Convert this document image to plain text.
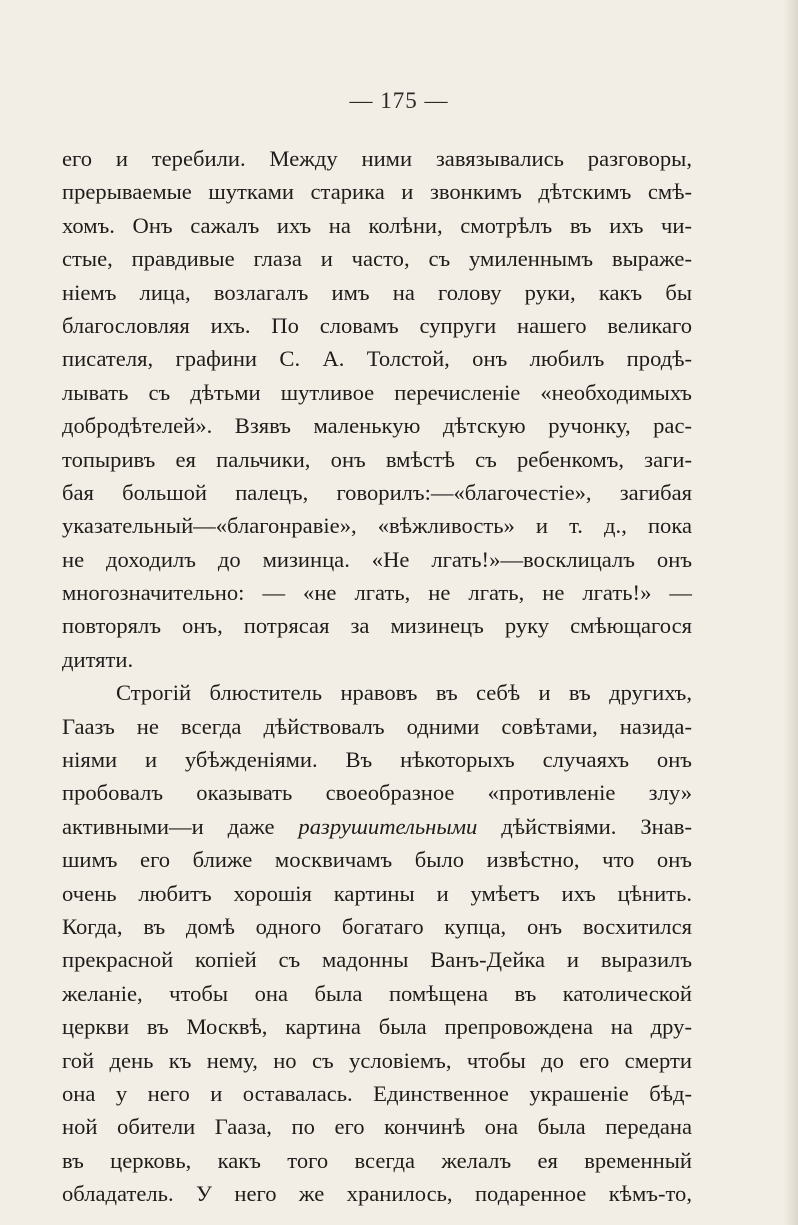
— 175 —
его и теребили. Между ними завязывались разговоры,
прерываемые шутками старика и звонкимъ дѣтскимъ смѣ-
хомъ. Онъ сажалъ ихъ на колѣни, смотрѣлъ въ ихъ чи-
стые, правдивые глаза и часто, съ умиленнымъ выраже-
ніемъ лица, возлагалъ имъ на голову руки, какъ бы
благословляя ихъ. По словамъ супруги нашего великаго
писателя, графини С. А. Толстой, онъ любилъ продѣ-
лывать съ дѣтьми шутливое перечисленіе «необходимыхъ
добродѣтелей». Взявъ маленькую дѣтскую ручонку, рас-
топыривъ ея пальчики, онъ вмѣстѣ съ ребенкомъ, заги-
бая большой палецъ, говорилъ:—«благочестіе», загибая
указательный—«благонравіе», «вѣжливость» и т. д., пока
не доходилъ до мизинца. «Не лгать!»—восклицалъ онъ
многозначительно: — «не лгать, не лгать, не лгать!» —
повторялъ онъ, потрясая за мизинецъ руку смѣющагося
дитяти.
Строгій блюститель нравовъ въ себѣ и въ другихъ,
Гаазъ не всегда дѣйствовалъ одними совѣтами, назида-
ніями и убѣжденіями. Въ нѣкоторыхъ случаяхъ онъ
пробовалъ оказывать своеобразное «противленіе злу»
активными—и даже разрушительными дѣйствіями. Знав-
шимъ его ближе москвичамъ было извѣстно, что онъ
очень любитъ хорошія картины и умѣетъ ихъ цѣнить.
Когда, въ домѣ одного богатаго купца, онъ восхитился
прекрасной копіей съ мадонны Ванъ-Дейка и выразилъ
желаніе, чтобы она была помѣщена въ католической
церкви въ Москвѣ, картина была препровождена на дру-
гой день къ нему, но съ условіемъ, чтобы до его смерти
она у него и оставалась. Единственное украшеніе бѣд-
ной обители Гааза, по его кончинѣ она была передана
въ церковь, какъ того всегда желалъ ея временный
обладатель. У него же хранилось, подаренное кѣмъ-то,
